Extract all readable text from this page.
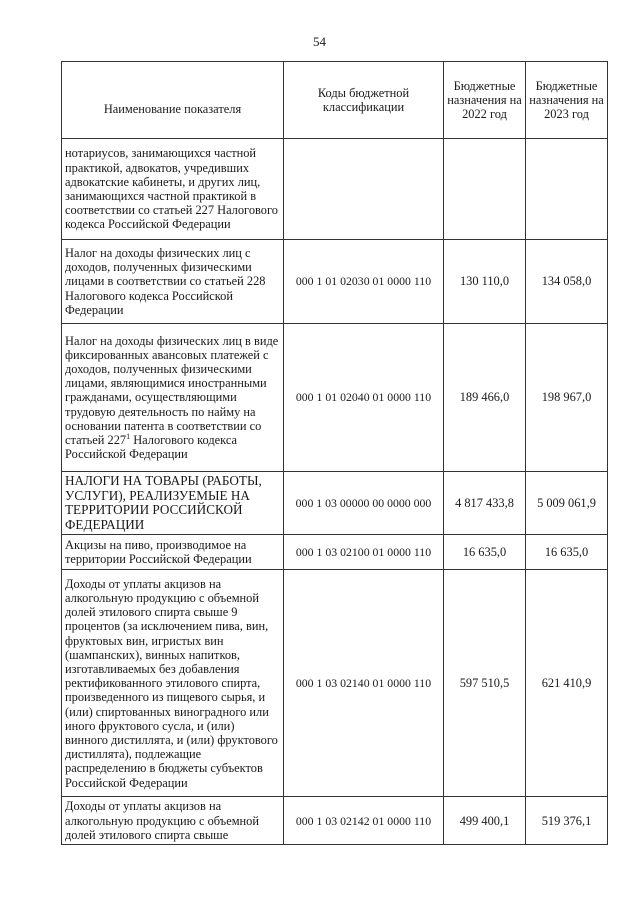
54
Наименование показателя	Коды бюджетной классификации	Бюджетные назначения на 2022 год	Бюджетные назначения на 2023 год
нотариусов, занимающихся частной практикой, адвокатов, учредивших адвокатские кабинеты, и других лиц, занимающихся частной практикой в соответствии со статьей 227 Налогового кодекса Российской Федерации			
Налог на доходы физических лиц с доходов, полученных физическими лицами в соответствии со статьей 228 Налогового кодекса Российской Федерации	000 1 01 02030 01 0000 110	130 110,0	134 058,0
Налог на доходы физических лиц в виде фиксированных авансовых платежей с доходов, полученных физическими лицами, являющимися иностранными гражданами, осуществляющими трудовую деятельность по найму на основании патента в соответствии со статьей $227^1$ Налогового кодекса Российской Федерации	000 1 01 02040 01 0000 110	189 466,0	198 967,0
НАЛОГИ НА ТОВАРЫ (РАБОТЫ, УСЛУГИ), РЕАЛИЗУЕМЫЕ НА ТЕРРИТОРИИ РОССИЙСКОЙ ФЕДЕРАЦИИ	000 1 03 00000 00 0000 000	4 817 433,8	5 009 061,9
Акцизы на пиво, производимое на территории Российской Федерации	000 1 03 02100 01 0000 110	16 635,0	16 635,0
Доходы от уплаты акцизов на алкогольную продукцию с объемной долей этилового спирта свыше 9 процентов (за исключением пива, вин, фруктовых вин, игристых вин (шампанских), винных напитков, изготавливаемых без добавления ректификованного этилового спирта, произведенного из пищевого сырья, и (или) спиртованных виноградного или иного фруктового сусла, и (или) винного дистиллята, и (или) фруктового дистиллята), подлежащие распределению в бюджеты субъектов Российской Федерации	000 1 03 02140 01 0000 110	597 510,5	621 410,9
Доходы от уплаты акцизов на алкогольную продукцию с объемной долей этилового спирта свыше	000 1 03 02142 01 0000 110	499 400,1	519 376,1
